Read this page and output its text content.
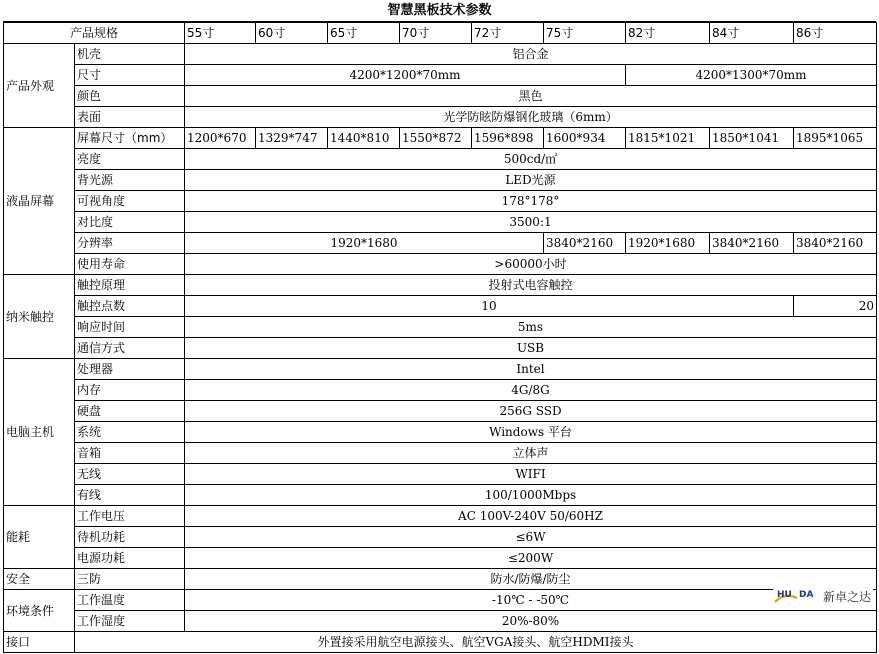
智慧黑板技术参数
产品规格		55寸	60寸	65寸	70寸	72寸	75寸	82寸	84寸	86寸
产品外观	机壳	铝合金								
	尺寸	4200*1200*70mm						4200*1300*70mm		
	颜色	黑色								
	表面	光学防眩防爆钢化玻璃（6mm）								
液晶屏幕	屏幕尺寸（mm）	1200*670	1329*747	1440*810	1550*872	1596*898	1600*934	1815*1021	1850*1041	1895*1065
	亮度	500cd/㎡								
	背光源	LED光源								
	可视角度	178°178°								
	对比度	3500:1								
	分辨率	1920*1680					3840*2160	1920*1680	3840*2160	3840*2160
	使用寿命	>60000小时								
纳米触控	触控原理	投射式电容触控								
	触控点数	10								20
	响应时间	5ms								
	通信方式	USB								
电脑主机	处理器	Intel								
	内存	4G/8G								
	硬盘	256G SSD								
	系统	Windows 平台								
	音箱	立体声								
	无线	WIFI								
	有线	100/1000Mbps								
能耗	工作电压	AC 100V-240V 50/60HZ								
	待机功耗	≤6W								
	电源功耗	≤200W								
安全	三防	防水/防爆/防尘								
环境条件	工作温度	-10℃ - -50℃								
	工作湿度	20%-80%								
接口	外置接采用航空电源接头、航空VGA接头、航空HDMI接头									
HU DA 新卓之达
